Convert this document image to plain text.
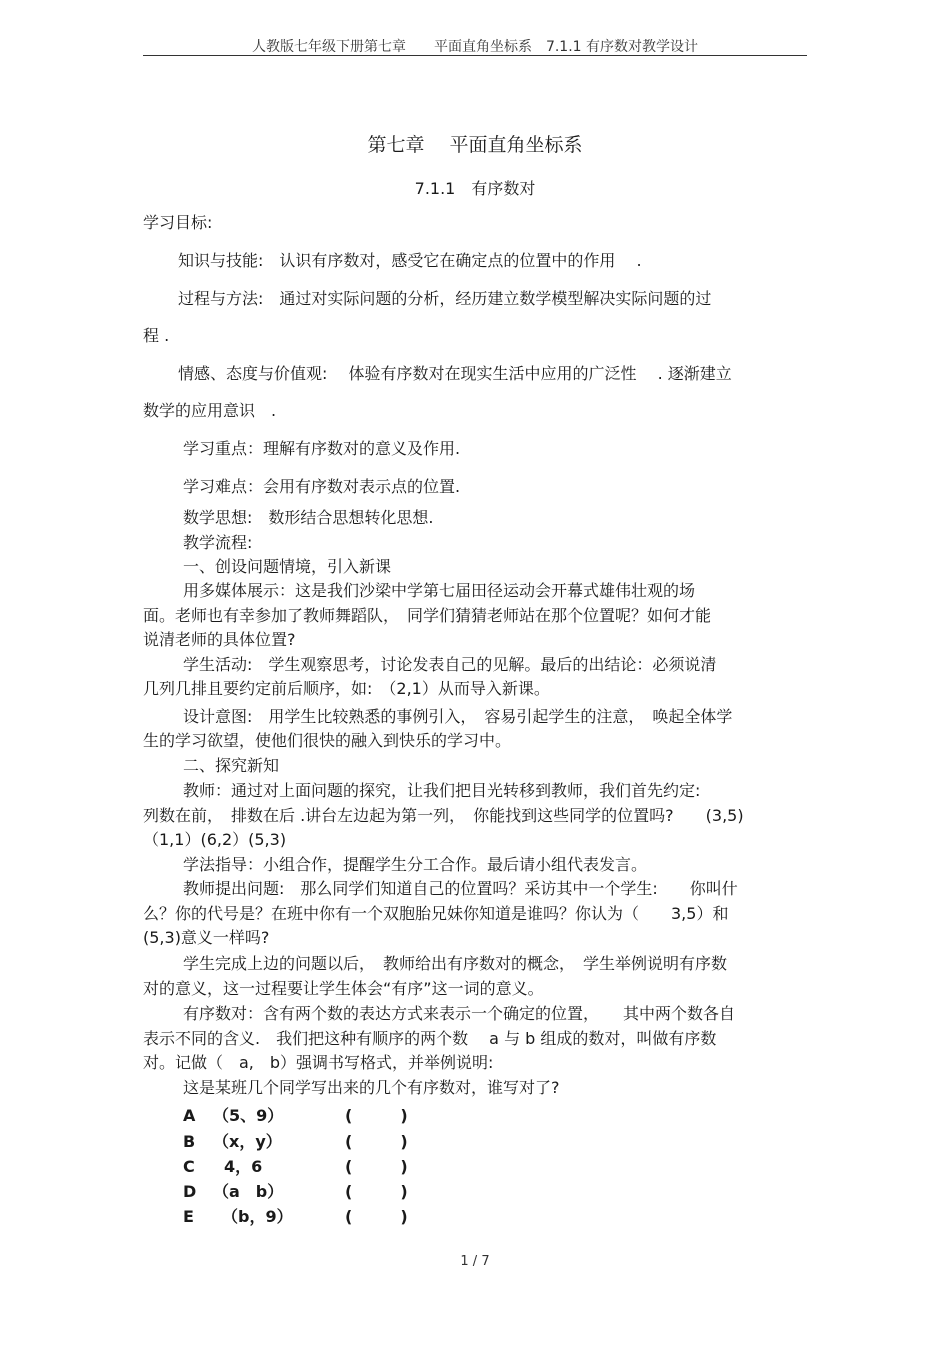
人教版七年级下册第七章　　平面直角坐标系　7.1.1 有序数对教学设计
第七章　 平面直角坐标系
7.1.1　有序数对
学习目标:
知识与技能:　认识有序数对，感受它在确定点的位置中的作用　 .
过程与方法:　通过对实际问题的分析，经历建立数学模型解决实际问题的过
程 .
情感、态度与价值观:　 体验有序数对在现实生活中应用的广泛性　 . 逐渐建立
数学的应用意识　.
学习重点：理解有序数对的意义及作用.
学习难点：会用有序数对表示点的位置.
数学思想:　数形结合思想转化思想.
教学流程:
一、创设问题情境，引入新课
用多媒体展示：这是我们沙梁中学第七届田径运动会开幕式雄伟壮观的场
面。老师也有幸参加了教师舞蹈队，　同学们猜猜老师站在那个位置呢？如何才能
说清老师的具体位置?
学生活动:　学生观察思考，讨论发表自己的见解。最后的出结论：必须说清
几列几排且要约定前后顺序，如:　（2,1）从而导入新课。
设计意图:　用学生比较熟悉的事例引入，　容易引起学生的注意，　唤起全体学
生的学习欲望，使他们很快的融入到快乐的学习中。
二、探究新知
教师：通过对上面问题的探究，让我们把目光转移到教师，我们首先约定:
列数在前，　排数在后 .讲台左边起为第一列，　你能找到这些同学的位置吗?　　(3,5)
（1,1）(6,2）(5,3)
学法指导：小组合作，提醒学生分工合作。最后请小组代表发言。
教师提出问题:　那么同学们知道自己的位置吗？采访其中一个学生:　　你叫什
么？你的代号是？在班中你有一个双胞胎兄妹你知道是谁吗？你认为（　　3,5）和
(5,3)意义一样吗?
学生完成上边的问题以后，　教师给出有序数对的概念，　学生举例说明有序数
对的意义，这一过程要让学生体会“有序”这一词的意义。
有序数对：含有两个数的表达方式来表示一个确定的位置，　　其中两个数各自
表示不同的含义.　我们把这种有顺序的两个数　 a 与 b 组成的数对，叫做有序数
对。记做（　a,　b）强调书写格式，并举例说明:
这是某班几个同学写出来的几个有序数对，谁写对了?
A （5、9）	(　　　)
B （x，y）	(　　　)
C 4，6	(　　　)
D （a　b）	(　　　)
E （b，9）	(　　　)
1 / 7
